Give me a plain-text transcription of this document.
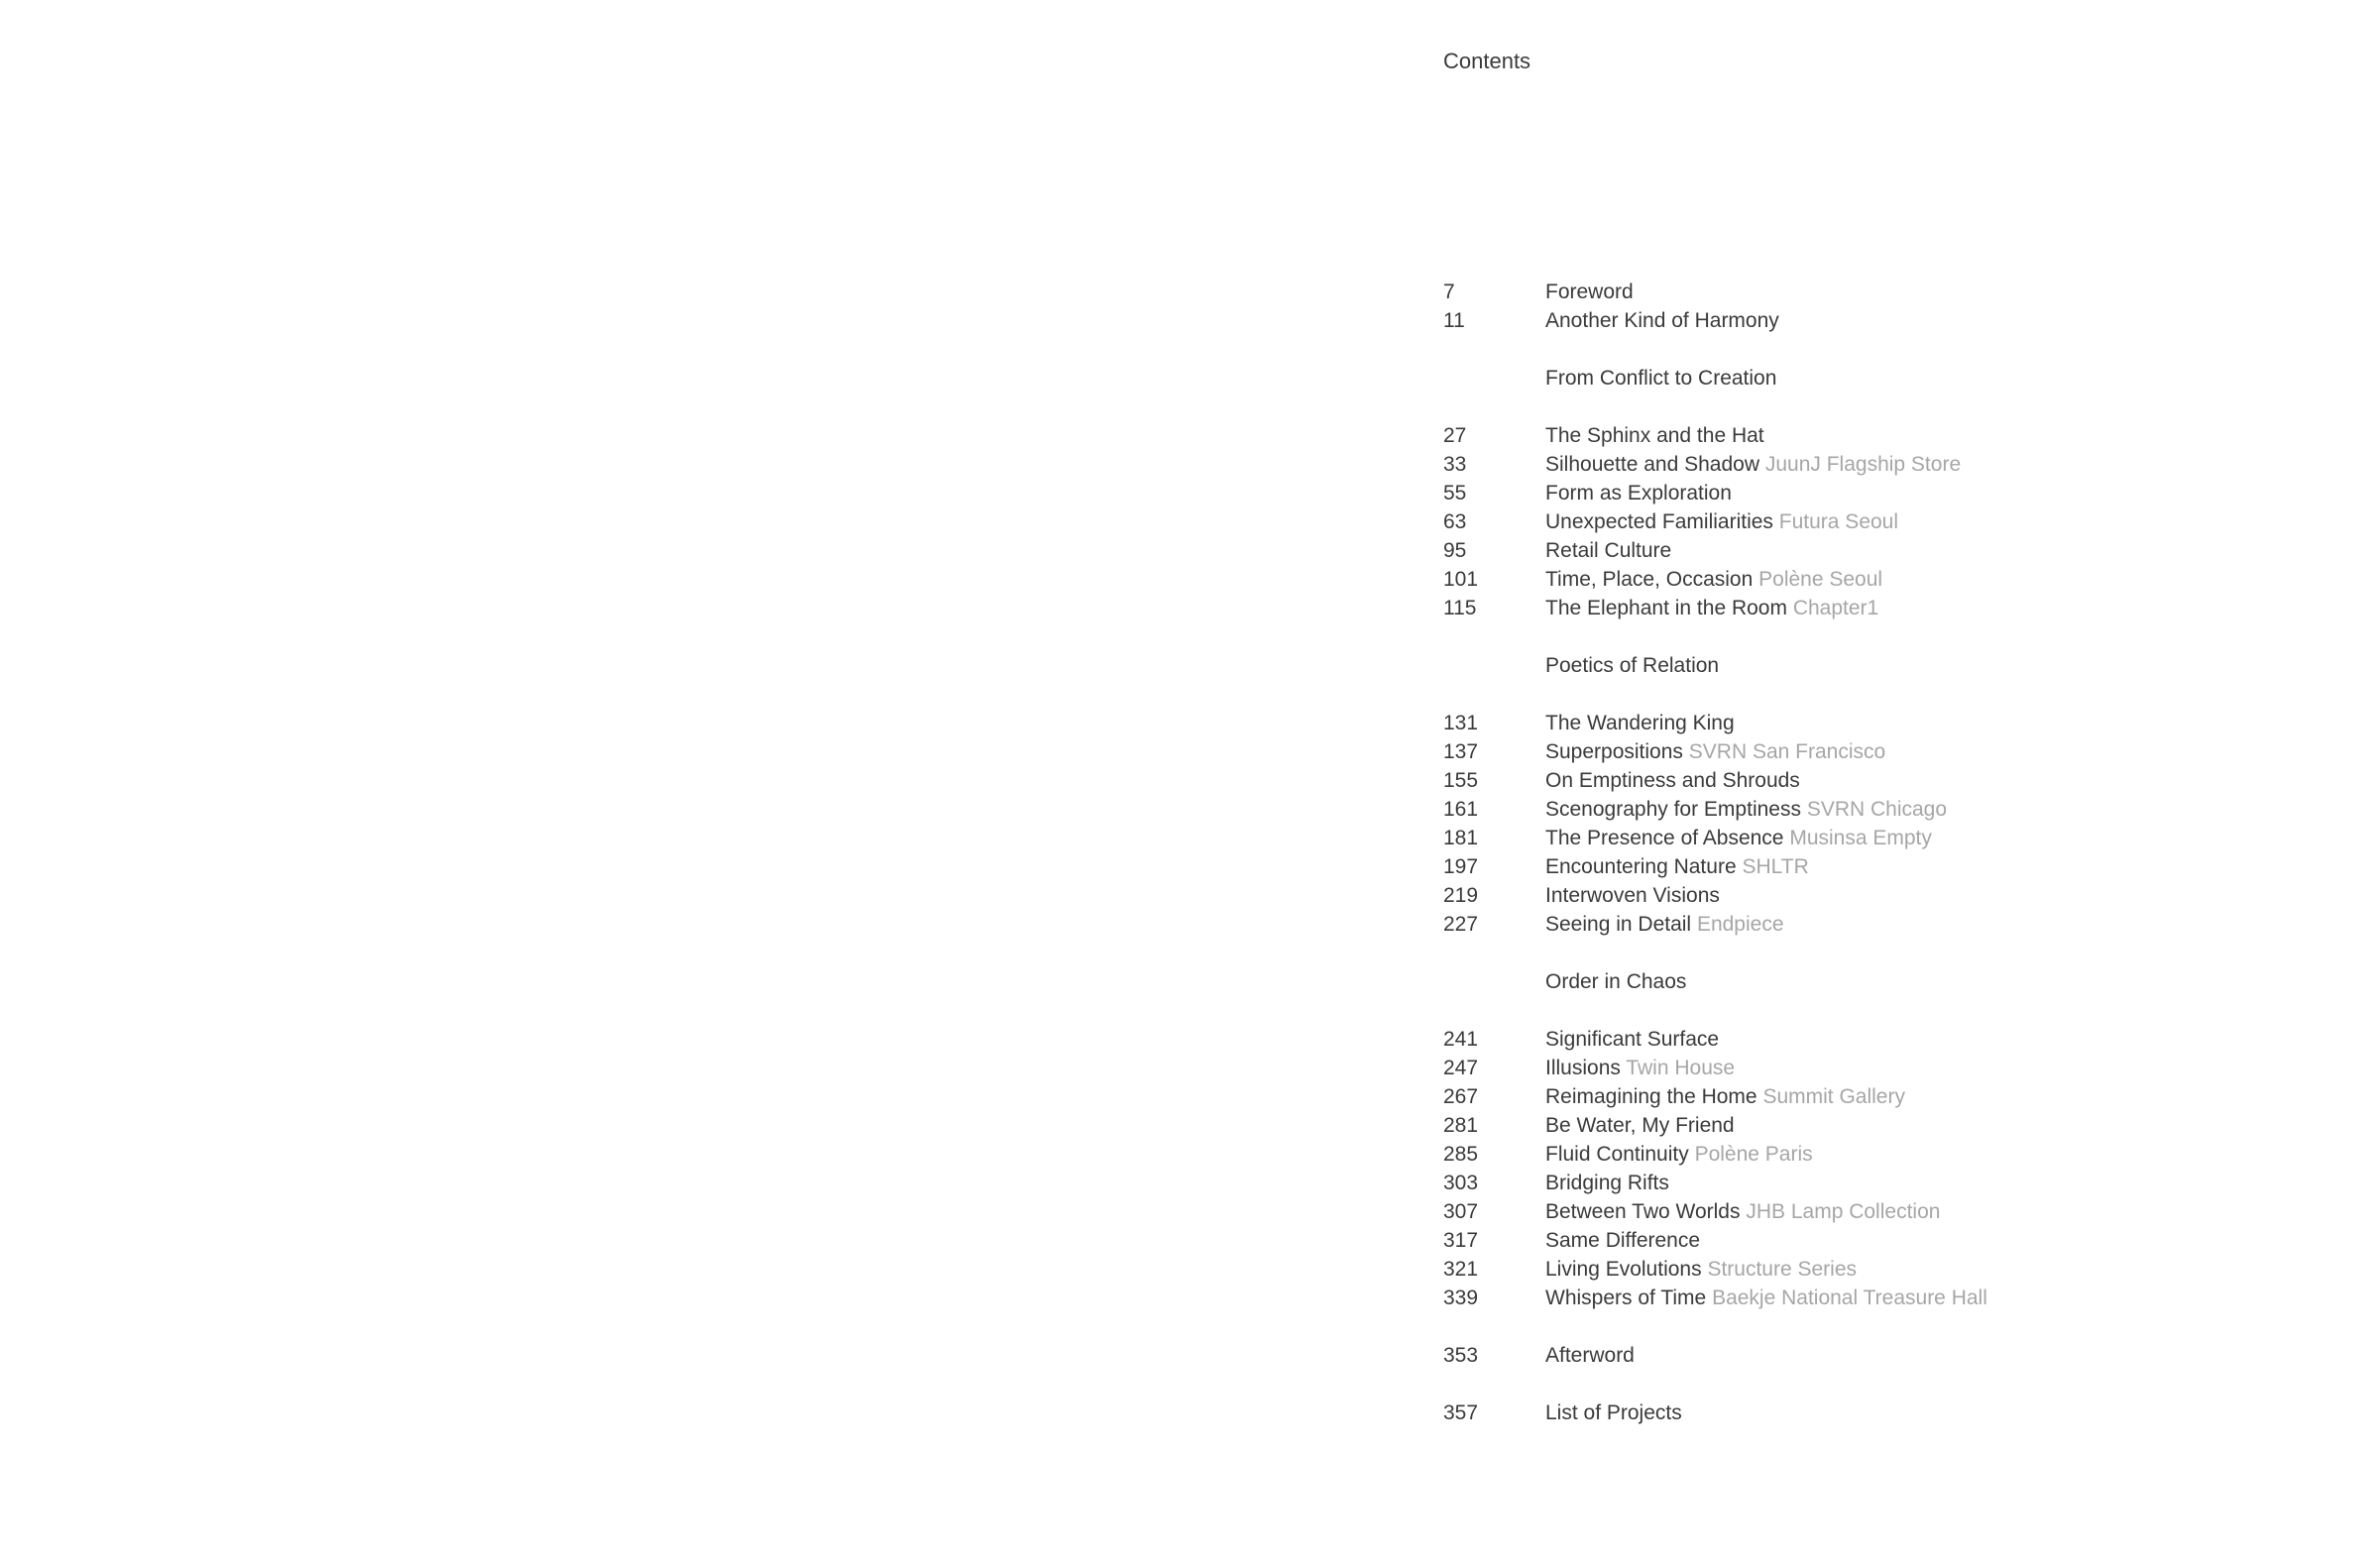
Contents
7	Foreword
11	Another Kind of Harmony
From Conflict to Creation
27	The Sphinx and the Hat
33	Silhouette and Shadow JuunJ Flagship Store
55	Form as Exploration
63	Unexpected Familiarities Futura Seoul
95	Retail Culture
101	Time, Place, Occasion Polène Seoul
115	The Elephant in the Room Chapter1
Poetics of Relation
131	The Wandering King
137	Superpositions SVRN San Francisco
155	On Emptiness and Shrouds
161	Scenography for Emptiness SVRN Chicago
181	The Presence of Absence Musinsa Empty
197	Encountering Nature SHLTR
219	Interwoven Visions
227	Seeing in Detail Endpiece
Order in Chaos
241	Significant Surface
247	Illusions Twin House
267	Reimagining the Home Summit Gallery
281	Be Water, My Friend
285	Fluid Continuity Polène Paris
303	Bridging Rifts
307	Between Two Worlds JHB Lamp Collection
317	Same Difference
321	Living Evolutions Structure Series
339	Whispers of Time Baekje National Treasure Hall
353	Afterword
357	List of Projects
